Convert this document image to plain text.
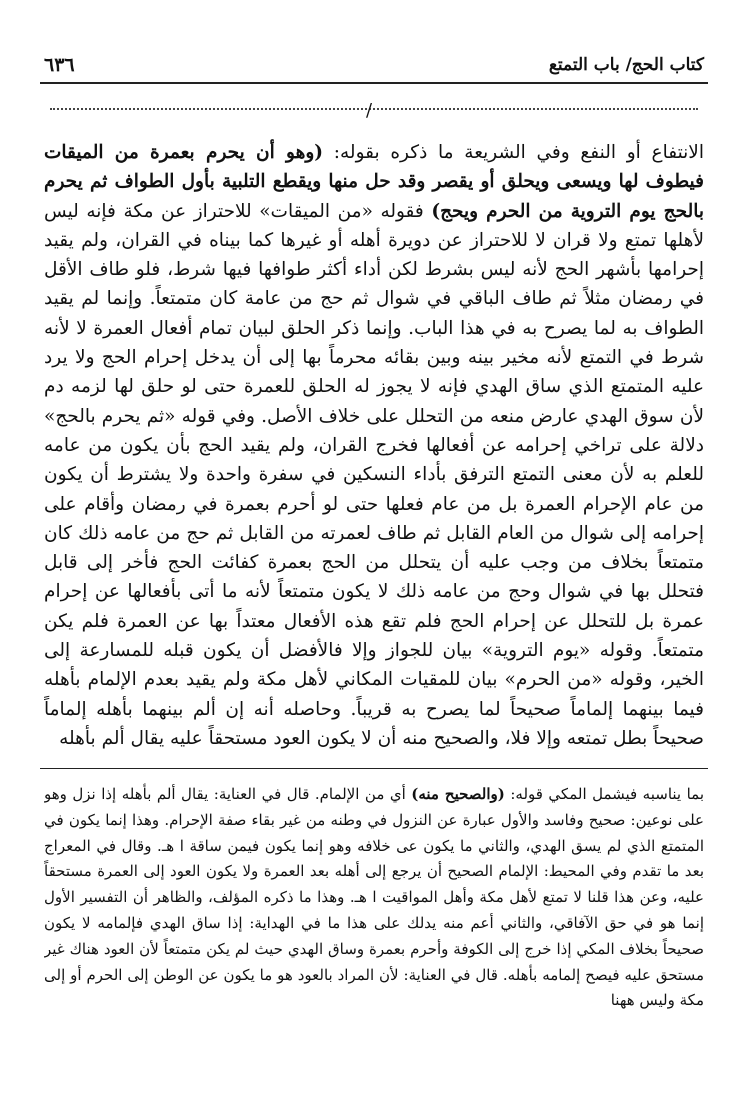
٦٣٦	كتاب الحج/ باب التمتع
/
الانتفاع أو النفع وفي الشريعة ما ذكره بقوله: (وهو أن يحرم بعمرة من الميقات فيطوف لها ويسعى ويحلق أو يقصر وقد حل منها ويقطع التلبية بأول الطواف ثم يحرم بالحج يوم التروية من الحرم ويحج) فقوله «من الميقات» للاحتراز عن مكة فإنه ليس لأهلها تمتع ولا قران لا للاحتراز عن دويرة أهله أو غيرها كما بيناه في القران، ولم يقيد إحرامها بأشهر الحج لأنه ليس بشرط لكن أداء أكثر طوافها فيها شرط، فلو طاف الأقل في رمضان مثلاً ثم طاف الباقي في شوال ثم حج من عامة كان متمتعاً. وإنما لم يقيد الطواف به لما يصرح به في هذا الباب. وإنما ذكر الحلق لبيان تمام أفعال العمرة لا لأنه شرط في التمتع لأنه مخير بينه وبين بقائه محرماً بها إلى أن يدخل إحرام الحج ولا يرد عليه المتمتع الذي ساق الهدي فإنه لا يجوز له الحلق للعمرة حتى لو حلق لها لزمه دم لأن سوق الهدي عارض منعه من التحلل على خلاف الأصل. وفي قوله «ثم يحرم بالحج» دلالة على تراخي إحرامه عن أفعالها فخرج القران، ولم يقيد الحج بأن يكون من عامه للعلم به لأن معنى التمتع الترفق بأداء النسكين في سفرة واحدة ولا يشترط أن يكون من عام الإحرام العمرة بل من عام فعلها حتى لو أحرم بعمرة في رمضان وأقام على إحرامه إلى شوال من العام القابل ثم طاف لعمرته من القابل ثم حج من عامه ذلك كان متمتعاً بخلاف من وجب عليه أن يتحلل من الحج بعمرة كفائت الحج فأخر إلى قابل فتحلل بها في شوال وحج من عامه ذلك لا يكون متمتعاً لأنه ما أتى بأفعالها عن إحرام عمرة بل للتحلل عن إحرام الحج فلم تقع هذه الأفعال معتداً بها عن العمرة فلم يكن متمتعاً. وقوله «يوم التروية» بيان للجواز وإلا فالأفضل أن يكون قبله للمسارعة إلى الخير، وقوله «من الحرم» بيان للمقيات المكاني لأهل مكة ولم يقيد بعدم الإلمام بأهله فيما بينهما إلماماً صحيحاً لما يصرح به قريباً. وحاصله أنه إن ألم بينهما بأهله إلماماً صحيحاً بطل تمتعه وإلا فلا، والصحيح منه أن لا يكون العود مستحقاً عليه يقال ألم بأهله
بما يناسبه فيشمل المكي قوله: (والصحيح منه) أي من الإلمام. قال في العناية: يقال ألم بأهله إذا نزل وهو على نوعين: صحيح وفاسد والأول عبارة عن النزول في وطنه من غير بقاء صفة الإحرام. وهذا إنما يكون في المتمتع الذي لم يسق الهدي، والثاني ما يكون عى خلافه وهو إنما يكون فيمن ساقة ا هـ. وقال في المعراج بعد ما تقدم وفي المحيط: الإلمام الصحيح أن يرجع إلى أهله بعد العمرة ولا يكون العود إلى العمرة مستحقاً عليه، وعن هذا قلنا لا تمتع لأهل مكة وأهل المواقيت ا هـ. وهذا ما ذكره المؤلف، والظاهر أن التفسير الأول إنما هو في حق الآفاقي، والثاني أعم منه يدلك على هذا ما في الهداية: إذا ساق الهدي فإلمامه لا يكون صحيحاً بخلاف المكي إذا خرج إلى الكوفة وأحرم بعمرة وساق الهدي حيث لم يكن متمتعاً لأن العود هناك غير مستحق عليه فيصح إلمامه بأهله. قال في العناية: لأن المراد بالعود هو ما يكون عن الوطن إلى الحرم أو إلى مكة وليس ههنا
